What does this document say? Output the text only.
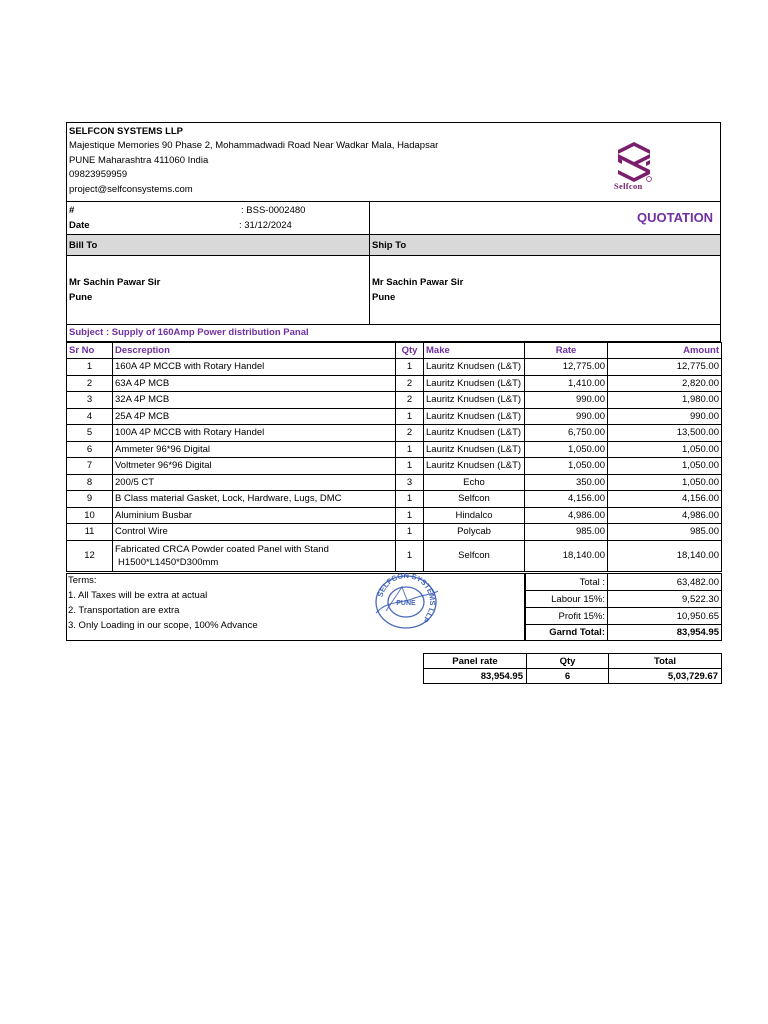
SELFCON SYSTEMS LLP
Majestique Memories 90 Phase 2, Mohammadwadi Road Near Wadkar Mala, Hadapsar
PUNE Maharashtra 411060 India
09823959959
project@selfconsystems.com	Selfcon
#	: BSS-0002480
Date	: 31/12/2024
QUOTATION
Bill To	Ship To
Mr Sachin Pawar Sir
Pune
Mr Sachin Pawar Sir
Pune
Subject : Supply of 160Amp Power distribution Panal
Sr No	Descreption	Qty	Make	Rate	Amount
1	160A 4P MCCB with Rotary Handel	1	Lauritz Knudsen (L&T)	12,775.00	12,775.00
2	63A 4P MCB	2	Lauritz Knudsen (L&T)	1,410.00	2,820.00
3	32A 4P MCB	2	Lauritz Knudsen (L&T)	990.00	1,980.00
4	25A 4P MCB	1	Lauritz Knudsen (L&T)	990.00	990.00
5	100A 4P MCCB with Rotary Handel	2	Lauritz Knudsen (L&T)	6,750.00	13,500.00
6	Ammeter 96*96 Digital	1	Lauritz Knudsen (L&T)	1,050.00	1,050.00
7	Voltmeter 96*96 Digital	1	Lauritz Knudsen (L&T)	1,050.00	1,050.00
8	200/5 CT	3	Echo	350.00	1,050.00
9	B Class material Gasket, Lock, Hardware, Lugs, DMC	1	Selfcon	4,156.00	4,156.00
10	Aluminium Busbar	1	Hindalco	4,986.00	4,986.00
11	Control Wire	1	Polycab	985.00	985.00
12	Fabricated CRCA Powder coated Panel with Stand
H1500*L1450*D300mm	1	Selfcon	18,140.00	18,140.00
Terms:
1. All Taxes will be extra at actual
2. Transportation are extra
3. Only Loading in our scope, 100% Advance
SELFCON SYSTEMS LLP
PUNE
Total :	63,482.00
Labour 15%:	9,522.30
Profit 15%:	10,950.65
Garnd Total:	83,954.95
Panel rate	Qty	Total
83,954.95	6	5,03,729.67
